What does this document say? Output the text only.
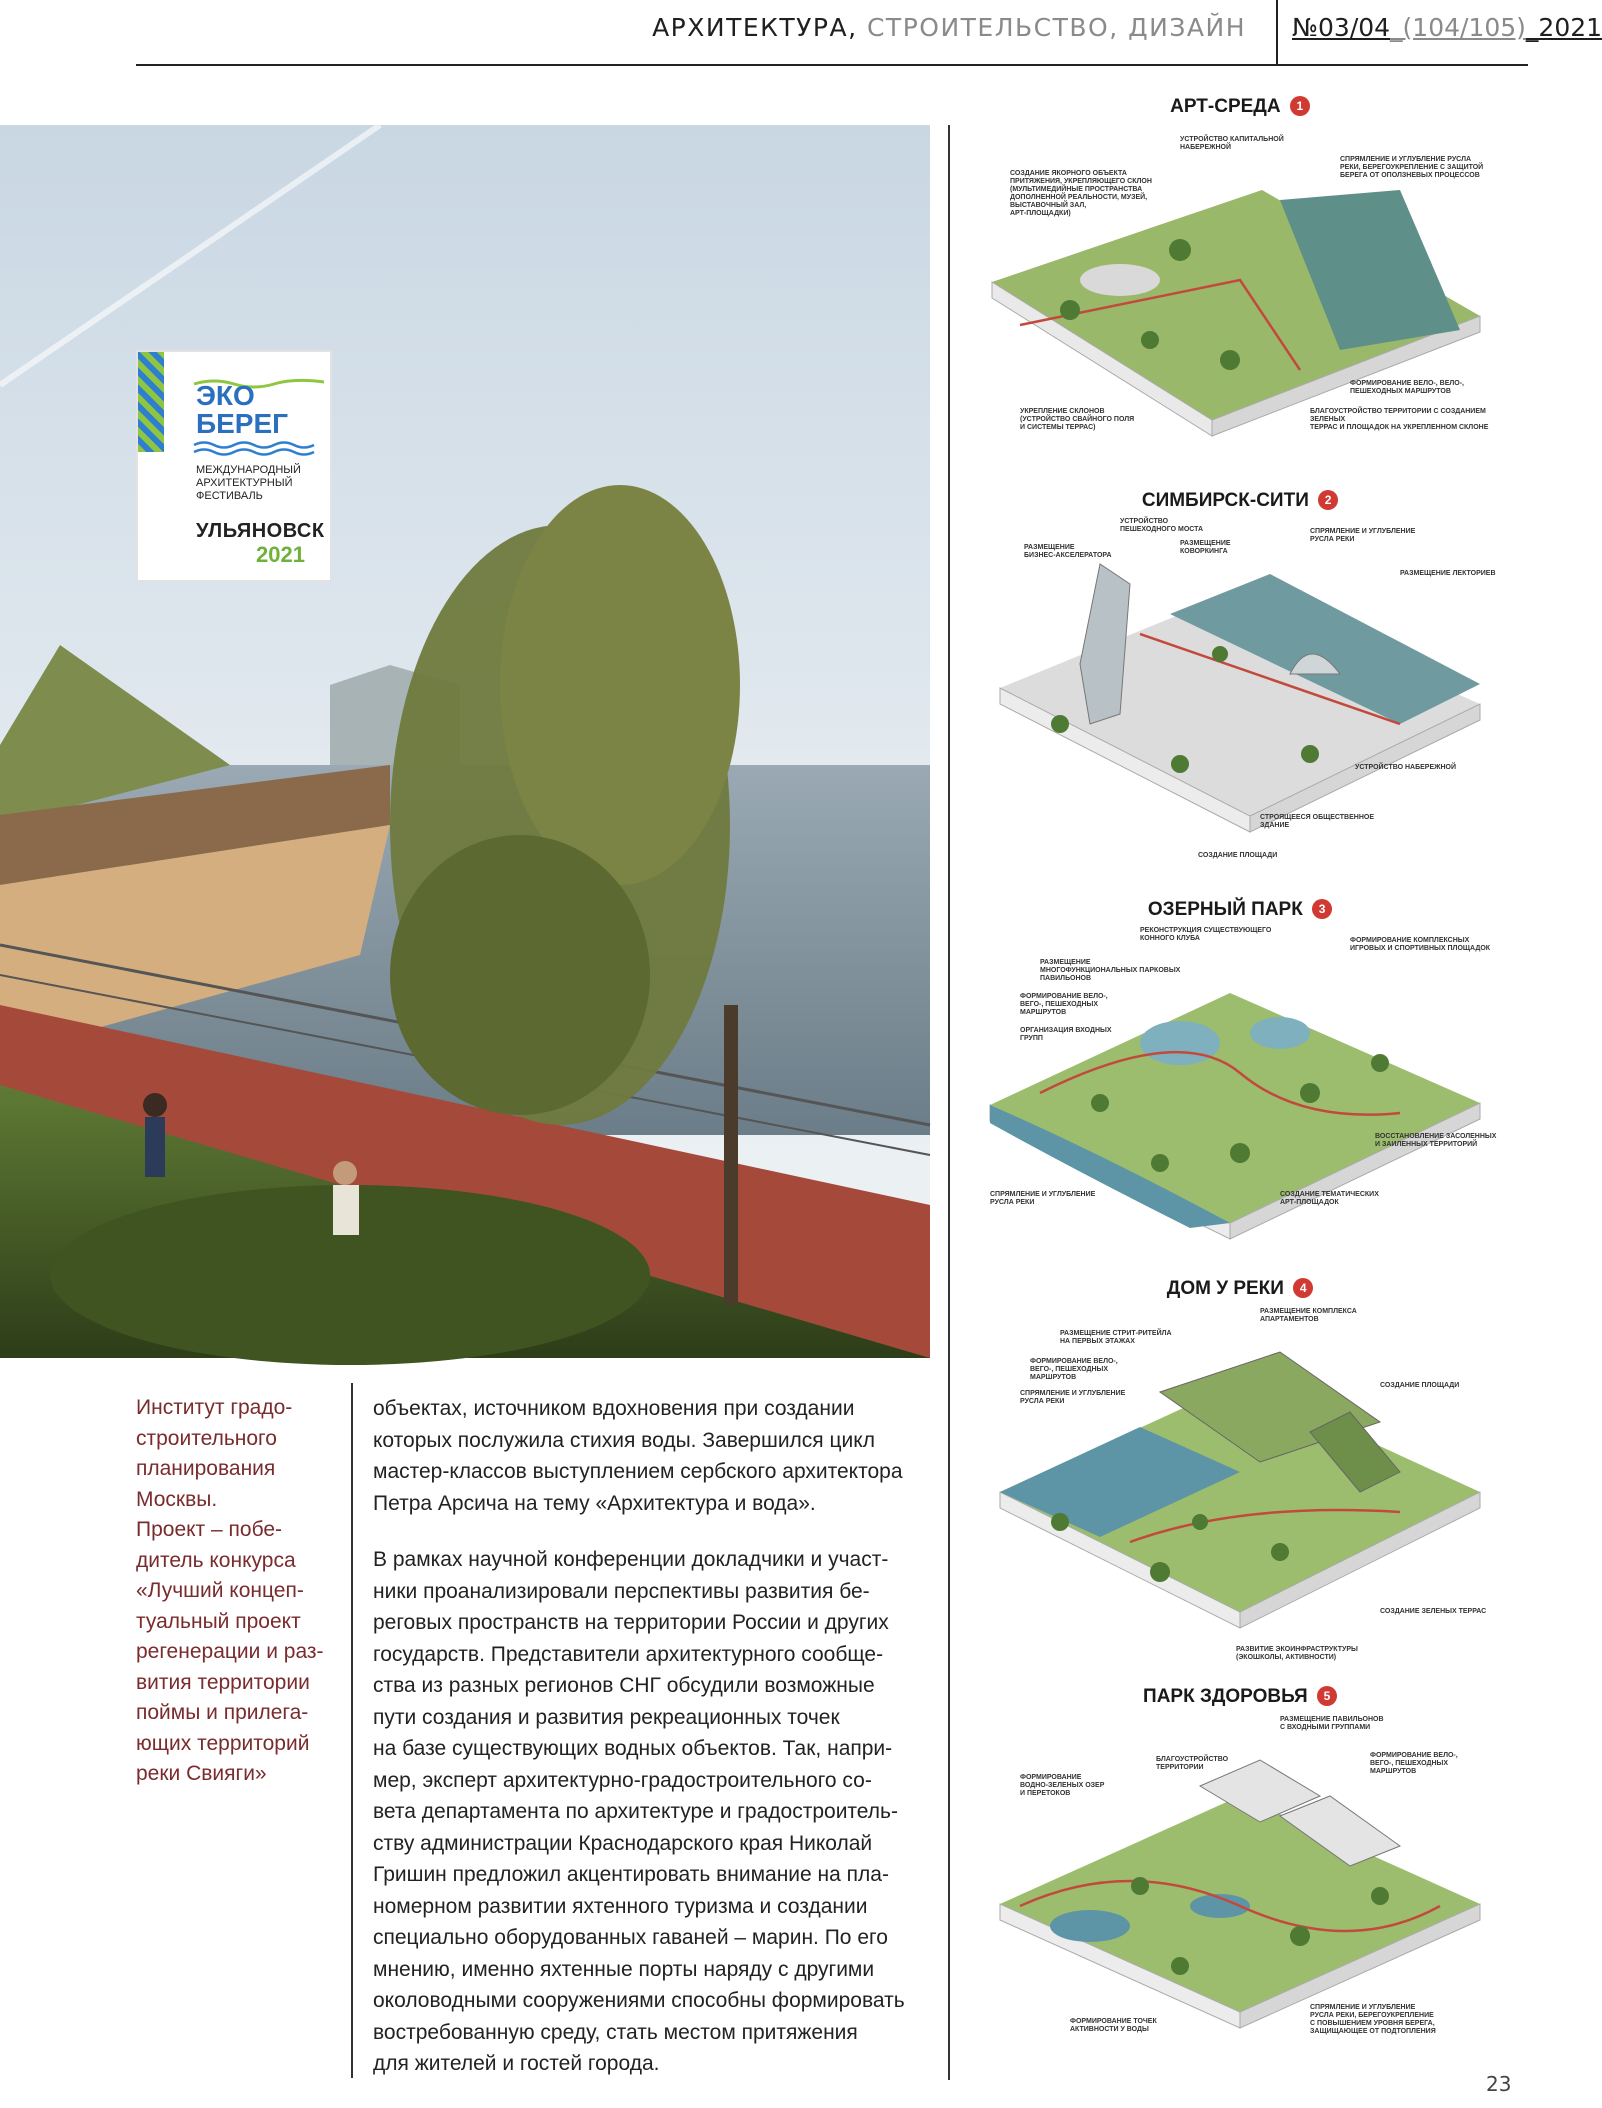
АРХИТЕКТУРА, СТРОИТЕЛЬСТВО, ДИЗАЙН №03/04_(104/105)_2021
ЭКО
БЕРЕГ
МЕЖДУНАРОДНЫЙ АРХИТЕКТУРНЫЙ ФЕСТИВАЛЬ
УЛЬЯНОВСК
2021
Институт градо-
строительного
планирования
Москвы.
Проект – побе-
дитель конкурса
«Лучший концеп-
туальный проект
регенерации и раз-
вития территории
поймы и прилега-
ющих территорий
реки Свияги»

объектах, источником вдохновения при создании
которых послужила стихия воды. Завершился цикл
мастер-классов выступлением сербского архитектора
Петра Арсича на тему «Архитектура и вода».

В рамках научной конференции докладчики и участ-
ники проанализировали перспективы развития бе-
реговых пространств на территории России и других
государств. Представители архитектурного сообще-
ства из разных регионов СНГ обсудили возможные
пути создания и развития рекреационных точек
на базе существующих водных объектов. Так, напри-
мер, эксперт архитектурно-градостроительного со-
вета департамента по архитектуре и градостроитель-
ству администрации Краснодарского края Николай
Гришин предложил акцентировать внимание на пла-
номерном развитии яхтенного туризма и создании
специально оборудованных гаваней – марин. По его
мнению, именно яхтенные порты наряду с другими
околоводными сооружениями способны формировать
востребованную среду, стать местом притяжения
для жителей и гостей города.

АРТ-СРЕДА 1
УСТРОЙСТВО КАПИТАЛЬНОЙ
НАБЕРЕЖНОЙ
СПРЯМЛЕНИЕ И УГЛУБЛЕНИЕ РУСЛА
РЕКИ, БЕРЕГОУКРЕПЛЕНИЕ С ЗАЩИТОЙ
БЕРЕГА ОТ ОПОЛЗНЕВЫХ ПРОЦЕССОВ
СОЗДАНИЕ ЯКОРНОГО ОБЪЕКТА
ПРИТЯЖЕНИЯ, УКРЕПЛЯЮЩЕГО СКЛОН
(МУЛЬТИМЕДИЙНЫЕ ПРОСТРАНСТВА
ДОПОЛНЕННОЙ РЕАЛЬНОСТИ, МУЗЕЙ,
ВЫСТАВОЧНЫЙ ЗАЛ,
АРТ-ПЛОЩАДКИ)
УКРЕПЛЕНИЕ СКЛОНОВ
(УСТРОЙСТВО СВАЙНОГО ПОЛЯ
И СИСТЕМЫ ТЕРРАС)
ФОРМИРОВАНИЕ ВЕЛО-, ВЕЛО-,
ПЕШЕХОДНЫХ МАРШРУТОВ
БЛАГОУСТРОЙСТВО ТЕРРИТОРИИ С СОЗДАНИЕМ ЗЕЛЕНЫХ
ТЕРРАС И ПЛОЩАДОК НА УКРЕПЛЕННОМ СКЛОНЕ
СИМБИРСК-СИТИ 2
УСТРОЙСТВО
ПЕШЕХОДНОГО МОСТА	СПРЯМЛЕНИЕ И УГЛУБЛЕНИЕ
РУСЛА РЕКИ
РАЗМЕЩЕНИЕ
БИЗНЕС-АКСЕЛЕРАТОРА
РАЗМЕЩЕНИЕ
КОВОРКИНГА
РАЗМЕЩЕНИЕ ЛЕКТОРИЕВ
УСТРОЙСТВО НАБЕРЕЖНОЙ
СТРОЯЩЕЕСЯ ОБЩЕСТВЕННОЕ
ЗДАНИЕ
СОЗДАНИЕ ПЛОЩАДИ
ОЗЕРНЫЙ ПАРК 3
РЕКОНСТРУКЦИЯ СУЩЕСТВУЮЩЕГО
КОННОГО КЛУБА	ФОРМИРОВАНИЕ КОМПЛЕКСНЫХ
ИГРОВЫХ И СПОРТИВНЫХ ПЛОЩАДОК
РАЗМЕЩЕНИЕ
МНОГОФУНКЦИОНАЛЬНЫХ ПАРКОВЫХ
ПАВИЛЬОНОВ
ФОРМИРОВАНИЕ ВЕЛО-,
ВЕГО-, ПЕШЕХОДНЫХ
МАРШРУТОВ
ОРГАНИЗАЦИЯ ВХОДНЫХ
ГРУПП
ВОССТАНОВЛЕНИЕ ЗАСОЛЕННЫХ
И ЗАИЛЕННЫХ ТЕРРИТОРИЙ
СПРЯМЛЕНИЕ И УГЛУБЛЕНИЕ
РУСЛА РЕКИ
СОЗДАНИЕ ТЕМАТИЧЕСКИХ
АРТ-ПЛОЩАДОК
ДОМ У РЕКИ 4
РАЗМЕЩЕНИЕ КОМПЛЕКСА
АПАРТАМЕНТОВ
РАЗМЕЩЕНИЕ СТРИТ-РИТЕЙЛА
НА ПЕРВЫХ ЭТАЖАХ
ФОРМИРОВАНИЕ ВЕЛО-,
ВЕГО-, ПЕШЕХОДНЫХ
МАРШРУТОВ
СОЗДАНИЕ ПЛОЩАДИ
СПРЯМЛЕНИЕ И УГЛУБЛЕНИЕ
РУСЛА РЕКИ
СОЗДАНИЕ ЗЕЛЕНЫХ ТЕРРАС
РАЗВИТИЕ ЭКОИНФРАСТРУКТУРЫ
(ЭКОШКОЛЫ, АКТИВНОСТИ)
ПАРК ЗДОРОВЬЯ 5
РАЗМЕЩЕНИЕ ПАВИЛЬОНОВ
С ВХОДНЫМИ ГРУППАМИ
БЛАГОУСТРОЙСТВО
ТЕРРИТОРИИ
ФОРМИРОВАНИЕ ВЕЛО-,
ВЕГО-, ПЕШЕХОДНЫХ
МАРШРУТОВ
ФОРМИРОВАНИЕ
ВОДНО-ЗЕЛЕНЫХ ОЗЕР
И ПЕРЕТОКОВ
ФОРМИРОВАНИЕ ТОЧЕК
АКТИВНОСТИ У ВОДЫ
СПРЯМЛЕНИЕ И УГЛУБЛЕНИЕ
РУСЛА РЕКИ, БЕРЕГОУКРЕПЛЕНИЕ
С ПОВЫШЕНИЕМ УРОВНЯ БЕРЕГА,
ЗАЩИЩАЮЩЕЕ ОТ ПОДТОПЛЕНИЯ
23
